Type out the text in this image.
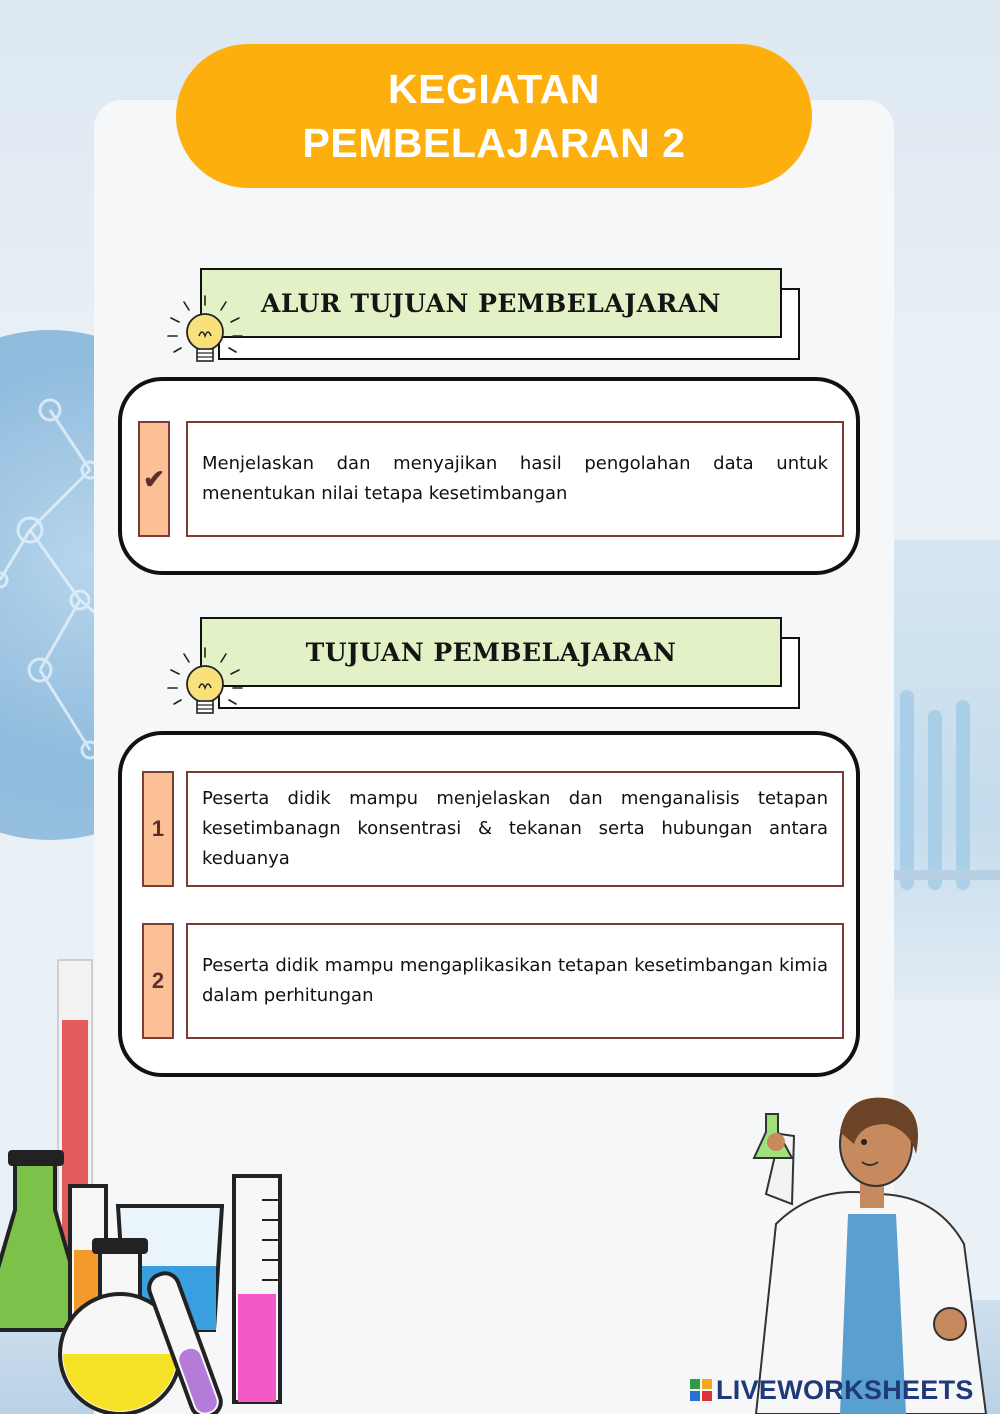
KEGIATAN
PEMBELAJARAN 2
ALUR TUJUAN PEMBELAJARAN
✔ Menjelaskan dan menyajikan hasil pengolahan data untuk menentukan nilai tetapa kesetimbangan

TUJUAN PEMBELAJARAN
1

Peserta didik mampu menjelaskan dan menganalisis tetapan kesetimbanagn konsentrasi & tekanan serta hubungan antara keduanya

2

Peserta didik mampu mengaplikasikan tetapan kesetimbangan kimia dalam perhitungan

LIVEWORKSHEETS
